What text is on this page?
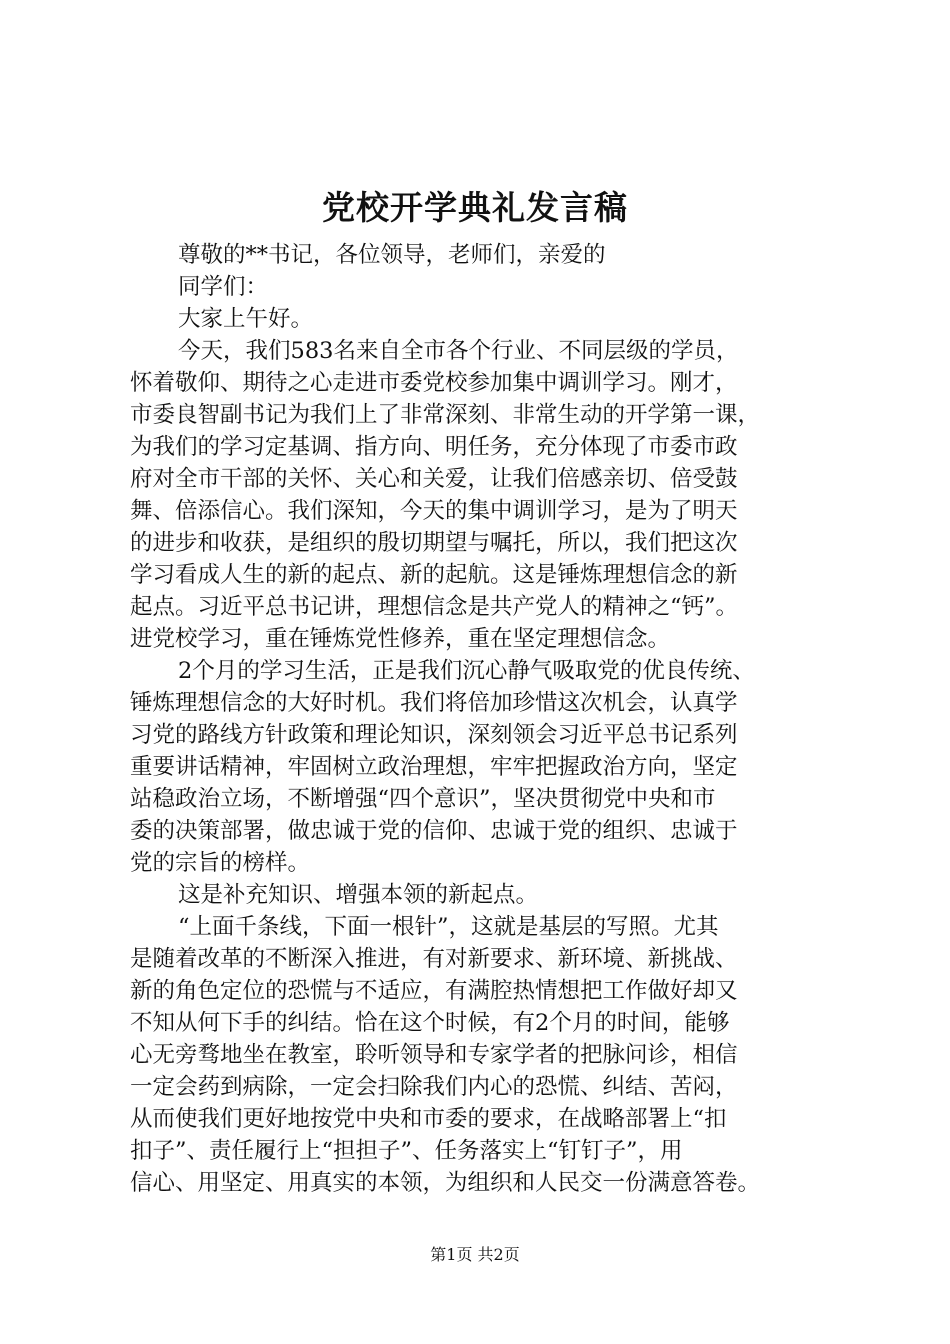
党校开学典礼发言稿
尊敬的**书记，各位领导，老师们，亲爱的
同学们：
大家上午好。
今天，我们583名来自全市各个行业、不同层级的学员，
怀着敬仰、期待之心走进市委党校参加集中调训学习。刚才，
市委良智副书记为我们上了非常深刻、非常生动的开学第一课，
为我们的学习定基调、指方向、明任务，充分体现了市委市政
府对全市干部的关怀、关心和关爱，让我们倍感亲切、倍受鼓
舞、倍添信心。我们深知，今天的集中调训学习，是为了明天
的进步和收获，是组织的殷切期望与嘱托，所以，我们把这次
学习看成人生的新的起点、新的起航。这是锤炼理想信念的新
起点。习近平总书记讲，理想信念是共产党人的精神之“钙”。
进党校学习，重在锤炼党性修养，重在坚定理想信念。
2个月的学习生活，正是我们沉心静气吸取党的优良传统、
锤炼理想信念的大好时机。我们将倍加珍惜这次机会，认真学
习党的路线方针政策和理论知识，深刻领会习近平总书记系列
重要讲话精神，牢固树立政治理想，牢牢把握政治方向，坚定
站稳政治立场，不断增强“四个意识”，坚决贯彻党中央和市
委的决策部署，做忠诚于党的信仰、忠诚于党的组织、忠诚于
党的宗旨的榜样。
这是补充知识、增强本领的新起点。
“上面千条线，下面一根针”，这就是基层的写照。尤其
是随着改革的不断深入推进，有对新要求、新环境、新挑战、
新的角色定位的恐慌与不适应，有满腔热情想把工作做好却又
不知从何下手的纠结。恰在这个时候，有2个月的时间，能够
心无旁骛地坐在教室，聆听领导和专家学者的把脉问诊，相信
一定会药到病除，一定会扫除我们内心的恐慌、纠结、苦闷，
从而使我们更好地按党中央和市委的要求，在战略部署上“扣
扣子”、责任履行上“担担子”、任务落实上“钉钉子”，用
信心、用坚定、用真实的本领，为组织和人民交一份满意答卷。
第1页 共2页
